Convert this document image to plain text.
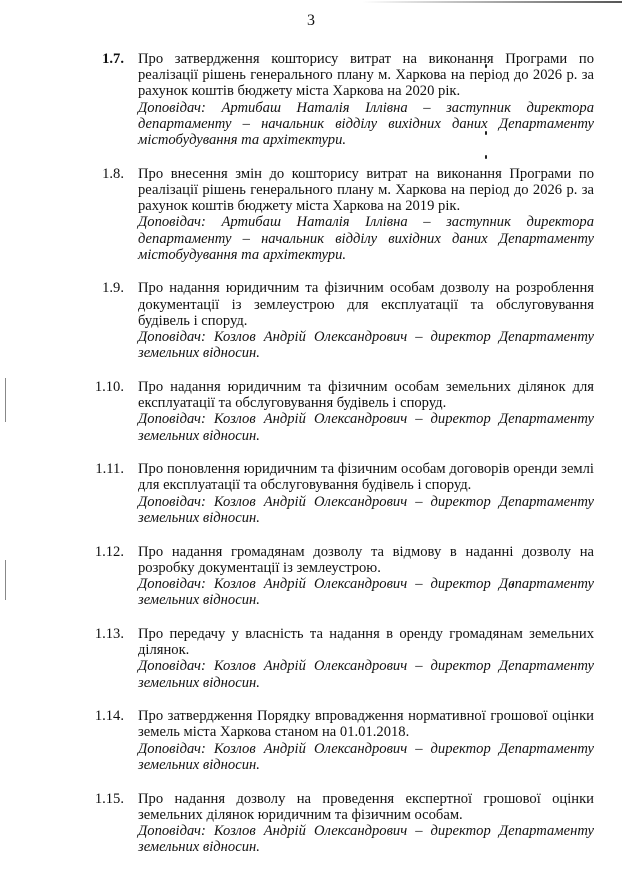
3
1.7. Про затвердження кошторису витрат на виконання Програми по реалізації рішень генерального плану м. Харкова на період до 2026 р. за рахунок коштів бюджету міста Харкова на 2020 рік.
Доповідач: Артибаш Наталія Іллівна – заступник директора департаменту – начальник відділу вихідних даних Департаменту містобудування та архітектури.
1.8. Про внесення змін до кошторису витрат на виконання Програми по реалізації рішень генерального плану м. Харкова на період до 2026 р. за рахунок коштів бюджету міста Харкова на 2019 рік.
Доповідач: Артибаш Наталія Іллівна – заступник директора департаменту – начальник відділу вихідних даних Департаменту містобудування та архітектури.
1.9. Про надання юридичним та фізичним особам дозволу на розроблення документації із землеустрою для експлуатації та обслуговування будівель і споруд.
Доповідач: Козлов Андрій Олександрович – директор Департаменту земельних відносин.
1.10. Про надання юридичним та фізичним особам земельних ділянок для експлуатації та обслуговування будівель і споруд.
Доповідач: Козлов Андрій Олександрович – директор Департаменту земельних відносин.
1.11. Про поновлення юридичним та фізичним особам договорів оренди землі для експлуатації та обслуговування будівель і споруд.
Доповідач: Козлов Андрій Олександрович – директор Департаменту земельних відносин.
1.12. Про надання громадянам дозволу та відмову в наданні дозволу на розробку документації із землеустрою.
Доповідач: Козлов Андрій Олександрович – директор Департаменту земельних відносин.
1.13. Про передачу у власність та надання в оренду громадянам земельних ділянок.
Доповідач: Козлов Андрій Олександрович – директор Департаменту земельних відносин.
1.14. Про затвердження Порядку впровадження нормативної грошової оцінки земель міста Харкова станом на 01.01.2018.
Доповідач: Козлов Андрій Олександрович – директор Департаменту земельних відносин.
1.15. Про надання дозволу на проведення експертної грошової оцінки земельних ділянок юридичним та фізичним особам.
Доповідач: Козлов Андрій Олександрович – директор Департаменту земельних відносин.
